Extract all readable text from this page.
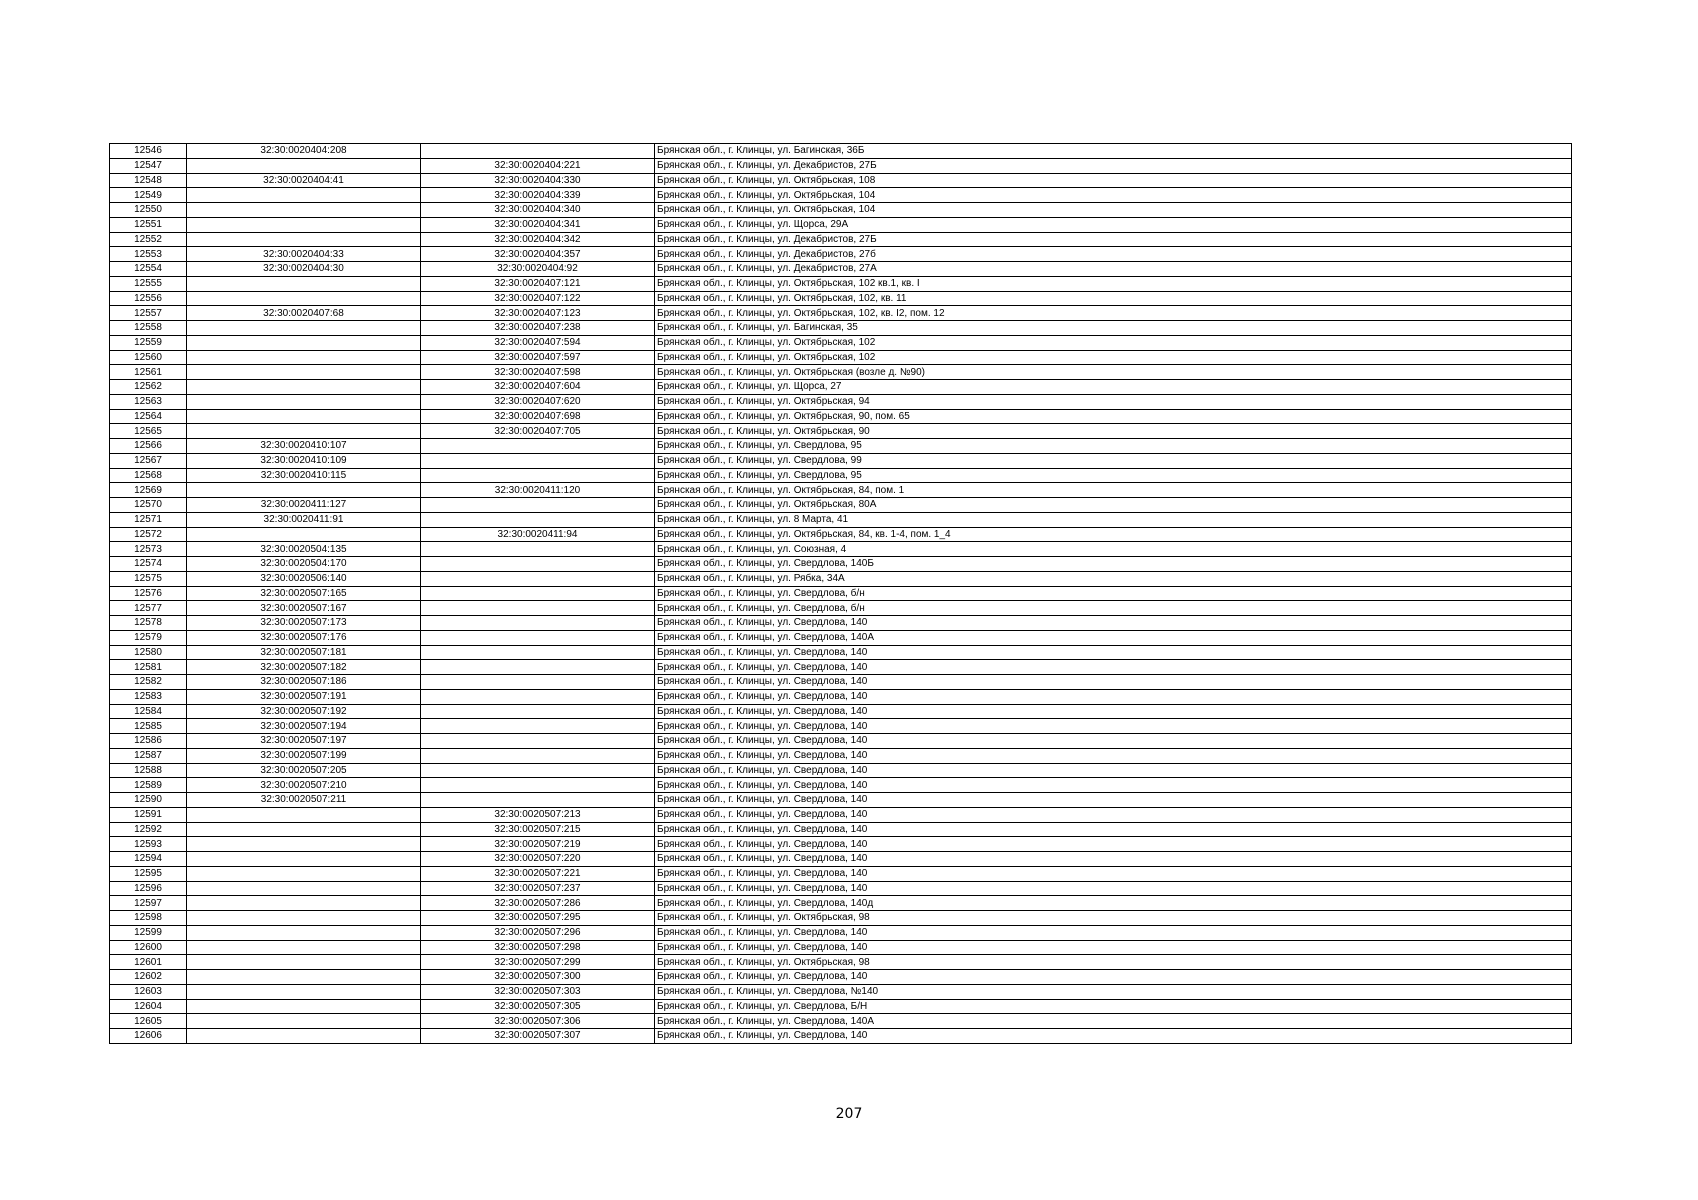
12546	32:30:0020404:208		Брянская обл., г. Клинцы, ул. Багинская, 36Б
12547		32:30:0020404:221	Брянская обл., г. Клинцы, ул. Декабристов, 27Б
12548	32:30:0020404:41	32:30:0020404:330	Брянская обл., г. Клинцы, ул. Октябрьская, 108
12549		32:30:0020404:339	Брянская обл., г. Клинцы, ул. Октябрьская, 104
12550		32:30:0020404:340	Брянская обл., г. Клинцы, ул. Октябрьская, 104
12551		32:30:0020404:341	Брянская обл., г. Клинцы, ул. Щорса, 29А
12552		32:30:0020404:342	Брянская обл., г. Клинцы, ул. Декабристов, 27Б
12553	32:30:0020404:33	32:30:0020404:357	Брянская обл., г. Клинцы, ул. Декабристов, 27б
12554	32:30:0020404:30	32:30:0020404:92	Брянская обл., г. Клинцы, ул. Декабристов, 27А
12555		32:30:0020407:121	Брянская обл., г. Клинцы, ул. Октябрьская, 102 кв.1, кв. I
12556		32:30:0020407:122	Брянская обл., г. Клинцы, ул. Октябрьская, 102, кв. 11
12557	32:30:0020407:68	32:30:0020407:123	Брянская обл., г. Клинцы, ул. Октябрьская, 102, кв. I2, пом. 12
12558		32:30:0020407:238	Брянская обл., г. Клинцы, ул. Багинская, 35
12559		32:30:0020407:594	Брянская обл., г. Клинцы, ул. Октябрьская, 102
12560		32:30:0020407:597	Брянская обл., г. Клинцы, ул. Октябрьская, 102
12561		32:30:0020407:598	Брянская обл., г. Клинцы, ул. Октябрьская (возле д. №90)
12562		32:30:0020407:604	Брянская обл., г. Клинцы, ул. Щорса, 27
12563		32:30:0020407:620	Брянская обл., г. Клинцы, ул. Октябрьская, 94
12564		32:30:0020407:698	Брянская обл., г. Клинцы, ул. Октябрьская, 90, пом. 65
12565		32:30:0020407:705	Брянская обл., г. Клинцы, ул. Октябрьская, 90
12566	32:30:0020410:107		Брянская обл., г. Клинцы, ул. Свердлова, 95
12567	32:30:0020410:109		Брянская обл., г. Клинцы, ул. Свердлова, 99
12568	32:30:0020410:115		Брянская обл., г. Клинцы, ул. Свердлова, 95
12569		32:30:0020411:120	Брянская обл., г. Клинцы, ул. Октябрьская, 84, пом. 1
12570	32:30:0020411:127		Брянская обл., г. Клинцы, ул. Октябрьская, 80А
12571	32:30:0020411:91		Брянская обл., г. Клинцы, ул. 8 Марта, 41
12572		32:30:0020411:94	Брянская обл., г. Клинцы, ул. Октябрьская, 84, кв. 1-4, пом. 1_4
12573	32:30:0020504:135		Брянская обл., г. Клинцы, ул. Союзная, 4
12574	32:30:0020504:170		Брянская обл., г. Клинцы, ул. Свердлова, 140Б
12575	32:30:0020506:140		Брянская обл., г. Клинцы, ул. Рябка, 34А
12576	32:30:0020507:165		Брянская обл., г. Клинцы, ул. Свердлова, б/н
12577	32:30:0020507:167		Брянская обл., г. Клинцы, ул. Свердлова, б/н
12578	32:30:0020507:173		Брянская обл., г. Клинцы, ул. Свердлова, 140
12579	32:30:0020507:176		Брянская обл., г. Клинцы, ул. Свердлова, 140А
12580	32:30:0020507:181		Брянская обл., г. Клинцы, ул. Свердлова, 140
12581	32:30:0020507:182		Брянская обл., г. Клинцы, ул. Свердлова, 140
12582	32:30:0020507:186		Брянская обл., г. Клинцы, ул. Свердлова, 140
12583	32:30:0020507:191		Брянская обл., г. Клинцы, ул. Свердлова, 140
12584	32:30:0020507:192		Брянская обл., г. Клинцы, ул. Свердлова, 140
12585	32:30:0020507:194		Брянская обл., г. Клинцы, ул. Свердлова, 140
12586	32:30:0020507:197		Брянская обл., г. Клинцы, ул. Свердлова, 140
12587	32:30:0020507:199		Брянская обл., г. Клинцы, ул. Свердлова, 140
12588	32:30:0020507:205		Брянская обл., г. Клинцы, ул. Свердлова, 140
12589	32:30:0020507:210		Брянская обл., г. Клинцы, ул. Свердлова, 140
12590	32:30:0020507:211		Брянская обл., г. Клинцы, ул. Свердлова, 140
12591		32:30:0020507:213	Брянская обл., г. Клинцы, ул. Свердлова, 140
12592		32:30:0020507:215	Брянская обл., г. Клинцы, ул. Свердлова, 140
12593		32:30:0020507:219	Брянская обл., г. Клинцы, ул. Свердлова, 140
12594		32:30:0020507:220	Брянская обл., г. Клинцы, ул. Свердлова, 140
12595		32:30:0020507:221	Брянская обл., г. Клинцы, ул. Свердлова, 140
12596		32:30:0020507:237	Брянская обл., г. Клинцы, ул. Свердлова, 140
12597		32:30:0020507:286	Брянская обл., г. Клинцы, ул. Свердлова, 140д
12598		32:30:0020507:295	Брянская обл., г. Клинцы, ул. Октябрьская, 98
12599		32:30:0020507:296	Брянская обл., г. Клинцы, ул. Свердлова, 140
12600		32:30:0020507:298	Брянская обл., г. Клинцы, ул. Свердлова, 140
12601		32:30:0020507:299	Брянская обл., г. Клинцы, ул. Октябрьская, 98
12602		32:30:0020507:300	Брянская обл., г. Клинцы, ул. Свердлова, 140
12603		32:30:0020507:303	Брянская обл., г. Клинцы, ул. Свердлова, №140
12604		32:30:0020507:305	Брянская обл., г. Клинцы, ул. Свердлова, Б/Н
12605		32:30:0020507:306	Брянская обл., г. Клинцы, ул. Свердлова, 140А
12606		32:30:0020507:307	Брянская обл., г. Клинцы, ул. Свердлова, 140
207
